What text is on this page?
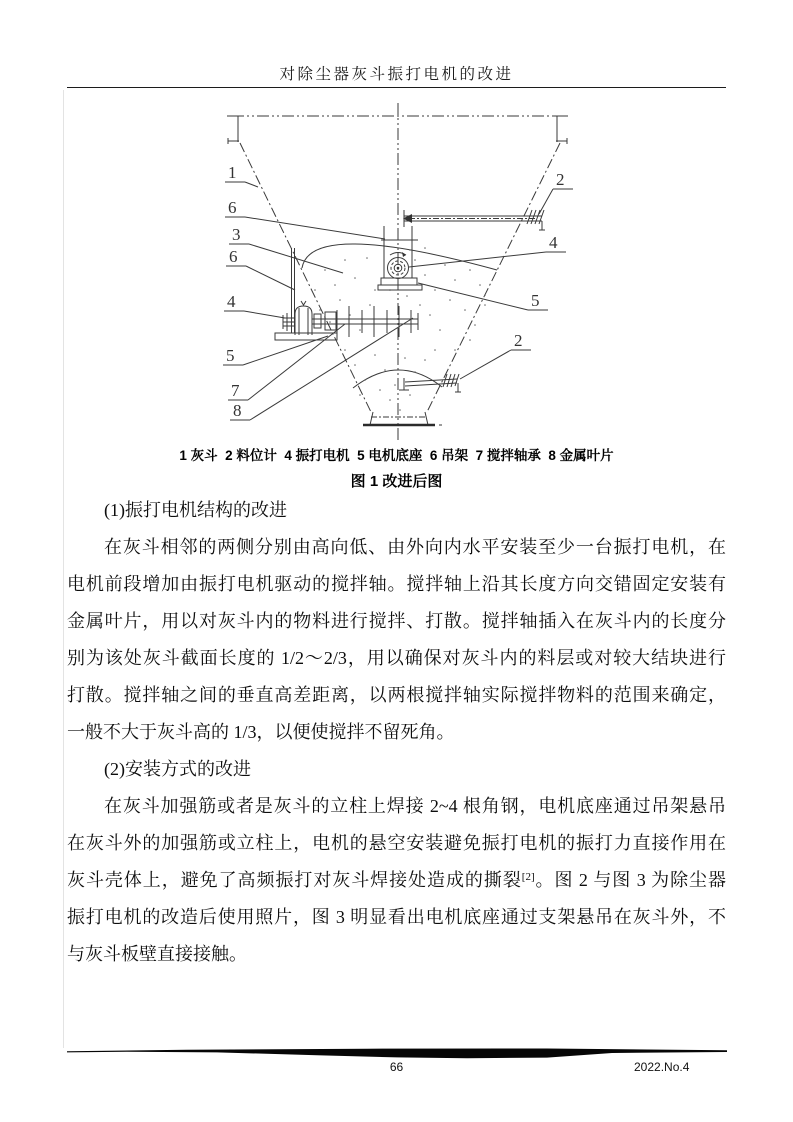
对除尘器灰斗振打电机的改进
1
6
3
6
4
5
7
8
2
4
5
2
1 灰斗  2 料位计  4 振打电机  5 电机底座  6 吊架  7 搅拌轴承  8 金属叶片
图 1 改进后图
(1)振打电机结构的改进
在灰斗相邻的两侧分别由高向低、由外向内水平安装至少一台振打电机，在
电机前段增加由振打电机驱动的搅拌轴。搅拌轴上沿其长度方向交错固定安装有
金属叶片，用以对灰斗内的物料进行搅拌、打散。搅拌轴插入在灰斗内的长度分
别为该处灰斗截面长度的 1/2～2/3，用以确保对灰斗内的料层或对较大结块进行
打散。搅拌轴之间的垂直高差距离，以两根搅拌轴实际搅拌物料的范围来确定，
一般不大于灰斗高的 1/3，以便使搅拌不留死角。
(2)安装方式的改进
在灰斗加强筋或者是灰斗的立柱上焊接 2~4 根角钢，电机底座通过吊架悬吊
在灰斗外的加强筋或立柱上，电机的悬空安装避免振打电机的振打力直接作用在
灰斗壳体上，避免了高频振打对灰斗焊接处造成的撕裂[2]。图 2 与图 3 为除尘器
振打电机的改造后使用照片，图 3 明显看出电机底座通过支架悬吊在灰斗外，不
与灰斗板壁直接接触。
66	2022.No.4
